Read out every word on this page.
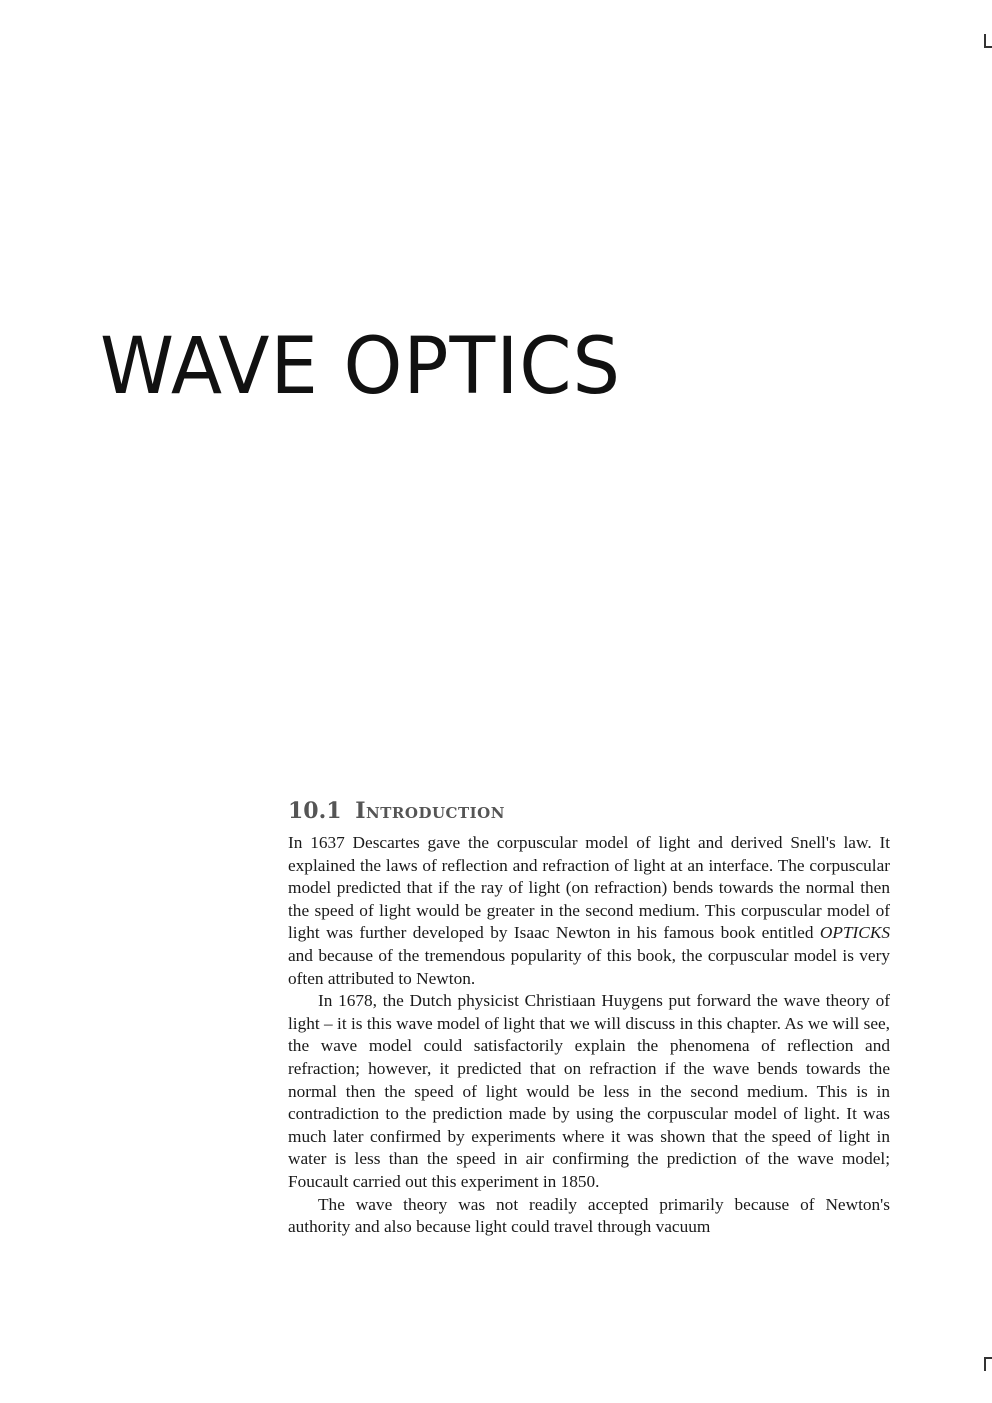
WAVE OPTICS
10.1 Introduction

In 1637 Descartes gave the corpuscular model of light and derived Snell's law. It explained the laws of reflection and refraction of light at an interface. The corpuscular model predicted that if the ray of light (on refraction) bends towards the normal then the speed of light would be greater in the second medium. This corpuscular model of light was further developed by Isaac Newton in his famous book entitled OPTICKS and because of the tremendous popularity of this book, the corpuscular model is very often attributed to Newton.

In 1678, the Dutch physicist Christiaan Huygens put forward the wave theory of light – it is this wave model of light that we will discuss in this chapter. As we will see, the wave model could satisfactorily explain the phenomena of reflection and refraction; however, it predicted that on refraction if the wave bends towards the normal then the speed of light would be less in the second medium. This is in contradiction to the prediction made by using the corpuscular model of light. It was much later confirmed by experiments where it was shown that the speed of light in water is less than the speed in air confirming the prediction of the wave model; Foucault carried out this experiment in 1850.

The wave theory was not readily accepted primarily because of Newton's authority and also because light could travel through vacuum
